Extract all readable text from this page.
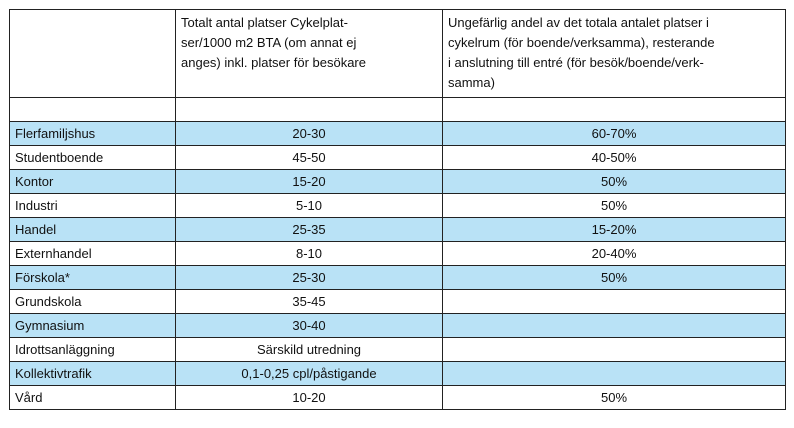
	Totalt antal platser Cykelplat-
ser/1000 m2 BTA (om annat ej
anges) inkl. platser för besökare	Ungefärlig andel av det totala antalet platser i
cykelrum (för boende/verksamma), resterande
i anslutning till entré (för besök/boende/verk-
samma)

Flerfamiljshus	20-30	60-70%
Studentboende	45-50	40-50%
Kontor	15-20	50%
Industri	5-10	50%
Handel	25-35	15-20%
Externhandel	8-10	20-40%
Förskola*	25-30	50%
Grundskola	35-45	
Gymnasium	30-40	
Idrottsanläggning	Särskild utredning	
Kollektivtrafik	0,1-0,25 cpl/påstigande	
Vård	10-20	50%
